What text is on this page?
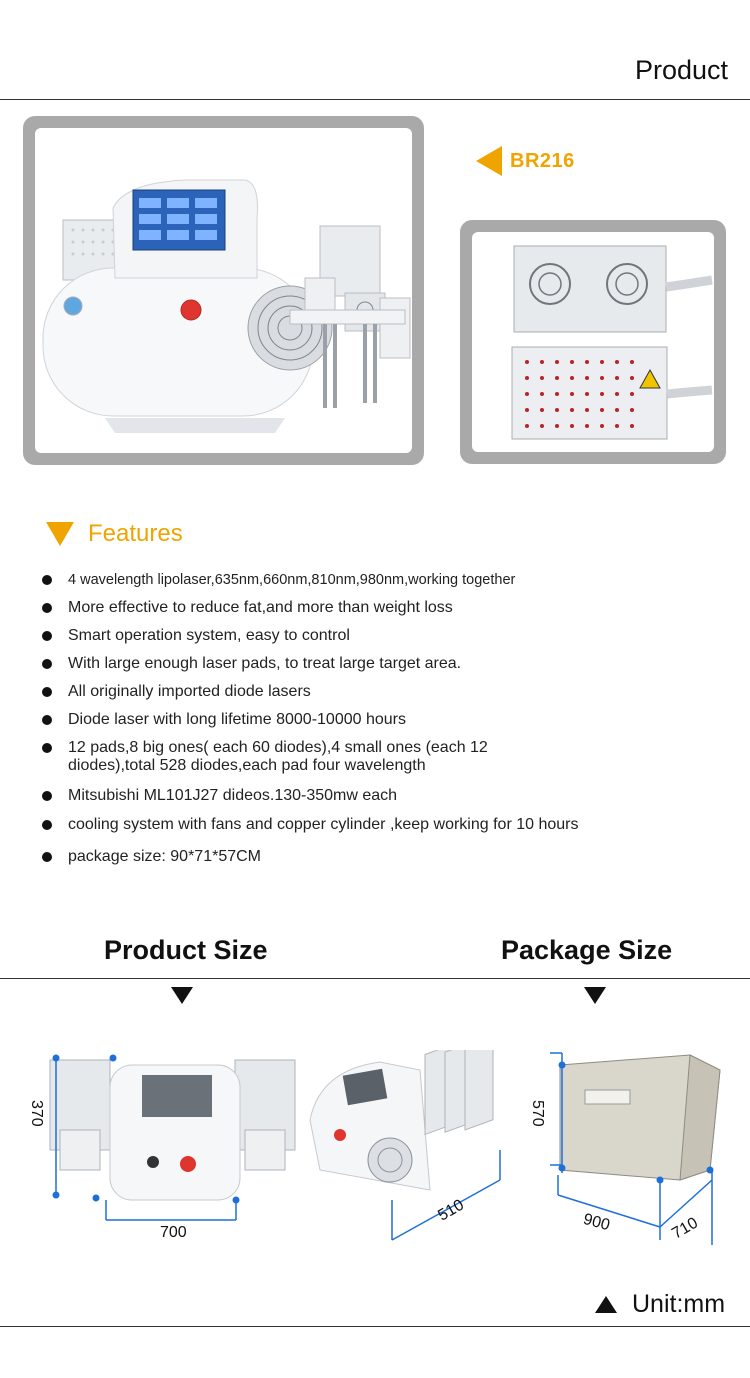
Product
BR216
Features
4 wavelength lipolaser,635nm,660nm,810nm,980nm,working together
More effective to reduce fat,and more than weight loss
Smart operation system, easy to control
With large enough laser pads, to treat large target area.
All originally imported diode lasers
Diode laser with long lifetime 8000-10000 hours
12 pads,8 big ones( each 60 diodes),4 small ones (each 12 diodes),total 528 diodes,each pad four wavelength
Mitsubishi ML101J27 dideos.130-350mw each
cooling system with fans and copper cylinder ,keep working for 10 hours
package size: 90*71*57CM
Product Size	Package Size
370
700
510
570
900	710
Unit:mm
